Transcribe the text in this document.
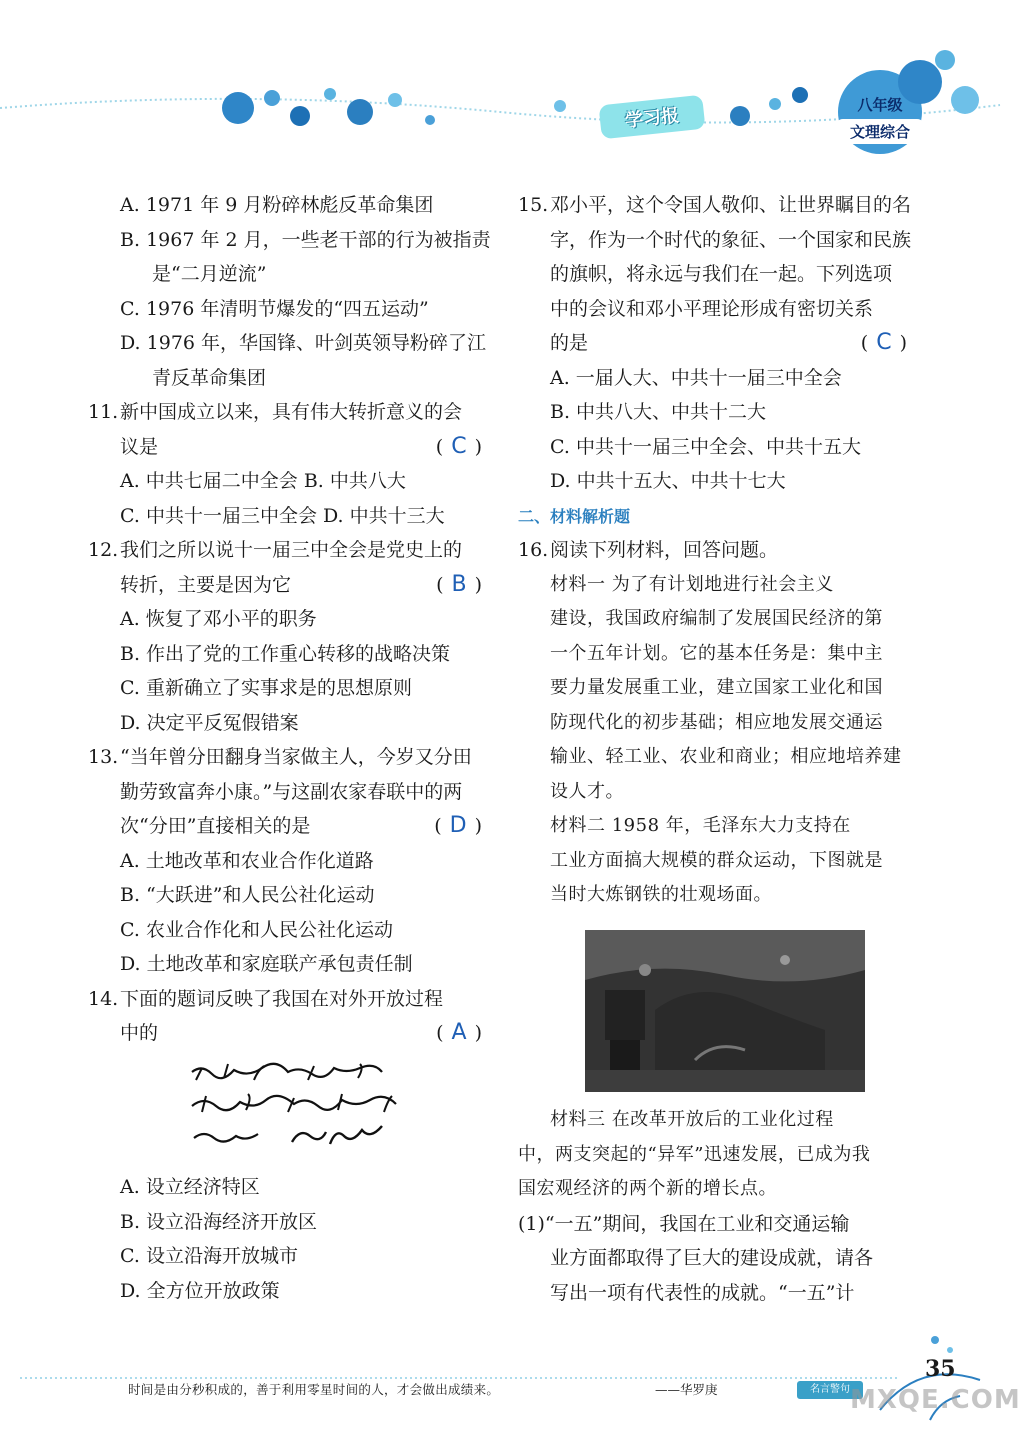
学习报
八年级
文理综合
A. 1971 年 9 月粉碎林彪反革命集团
B. 1967 年 2 月，一些老干部的行为被指责
是“二月逆流”
C. 1976 年清明节爆发的“四五运动”
D. 1976 年，华国锋、叶剑英领导粉碎了江
青反革命集团
11.新中国成立以来，具有伟大转折意义的会
议是	( C )
A. 中共七届二中全会 B. 中共八大
C. 中共十一届三中全会 D. 中共十三大
12.我们之所以说十一届三中全会是党史上的
转折，主要是因为它	( B )
A. 恢复了邓小平的职务
B. 作出了党的工作重心转移的战略决策
C. 重新确立了实事求是的思想原则
D. 决定平反冤假错案
13.“当年曾分田翻身当家做主人，今岁又分田
勤劳致富奔小康。”与这副农家春联中的两
次“分田”直接相关的是	( D )
A. 土地改革和农业合作化道路
B. “大跃进”和人民公社化运动
C. 农业合作化和人民公社化运动
D. 土地改革和家庭联产承包责任制
14.下面的题词反映了我国在对外开放过程
中的	( A )
A. 设立经济特区
B. 设立沿海经济开放区
C. 设立沿海开放城市
D. 全方位开放政策
15.邓小平，这个令国人敬仰、让世界瞩目的名
字，作为一个时代的象征、一个国家和民族
的旗帜，将永远与我们在一起。下列选项
中的会议和邓小平理论形成有密切关系
的是	( C )
A. 一届人大、中共十一届三中全会
B. 中共八大、中共十二大
C. 中共十一届三中全会、中共十五大
D. 中共十五大、中共十七大
二、材料解析题
16.阅读下列材料，回答问题。
材料一 为了有计划地进行社会主义
建设，我国政府编制了发展国民经济的第
一个五年计划。它的基本任务是：集中主
要力量发展重工业，建立国家工业化和国
防现代化的初步基础；相应地发展交通运
输业、轻工业、农业和商业；相应地培养建
设人才。
材料二 1958 年，毛泽东大力支持在
工业方面搞大规模的群众运动，下图就是
当时大炼钢铁的壮观场面。
材料三 在改革开放后的工业化过程
中，两支突起的“异军”迅速发展，已成为我
国宏观经济的两个新的增长点。
(1)“一五”期间，我国在工业和交通运输
业方面都取得了巨大的建设成就，请各
写出一项有代表性的成就。“一五”计
时间是由分秒积成的，善于利用零星时间的人，才会做出成绩来。	——华罗庚	名言警句
35
MXQE.COM
